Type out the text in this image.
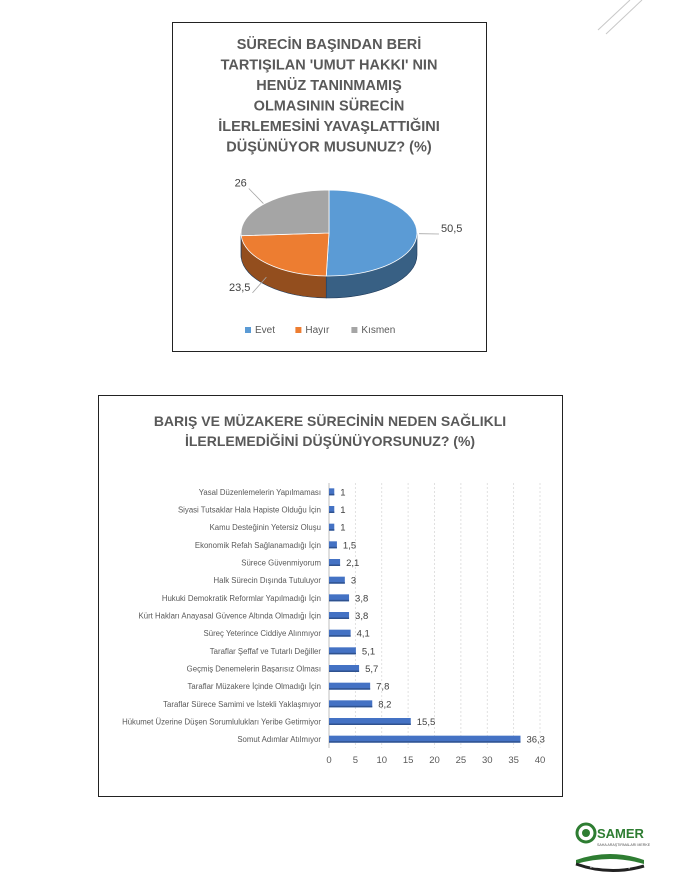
SÜRECİN BAŞINDAN BERİ
TARTIŞILAN 'UMUT HAKKI' NIN
HENÜZ TANINMAMIŞ
OLMASININ SÜRECİN
İLERLEMESİNİ YAVAŞLATTIĞINI
DÜŞÜNÜYOR MUSUNUZ? (%)
50,5
23,5
26
Evet	Hayır	Kısmen
BARIŞ VE MÜZAKERE SÜRECİNİN NEDEN SAĞLIKLI
İLERLEMEDİĞİNİ DÜŞÜNÜYORSUNUZ? (%)
0 5 10 15 20 25 30 35 40
Yasal Düzenlemelerin Yapılmaması 1
Siyasi Tutsaklar Hala Hapiste Olduğu İçin 1
Kamu Desteğinin Yetersiz Oluşu 1
Ekonomik Refah Sağlanamadığı İçin 1,5
Sürece Güvenmiyorum	2,1
Halk Sürecin Dışında Tutuluyor	3
Hukuki Demokratik Reformlar Yapılmadığı İçin	3,8
Kürt Hakları Anayasal Güvence Altında Olmadığı İçin	3,8
Süreç Yeterince Ciddiye Alınmıyor	4,1
Taraflar Şeffaf ve Tutarlı Değiller	5,1
Geçmiş Denemelerin Başarısız Olması	5,7
Taraflar Müzakere İçinde Olmadığı İçin	7,8
Taraflar Sürece Samimi ve İstekli Yaklaşmıyor	8,2
Hükumet Üzerine Düşen Sorumlulukları Yeribe Getirmiyor	15,5
Somut Adımlar Atılmıyor	36,3
SAMER
SAHA ARAŞTIRMALARI MERKEZİ
www.sahaarastirmalari.org
